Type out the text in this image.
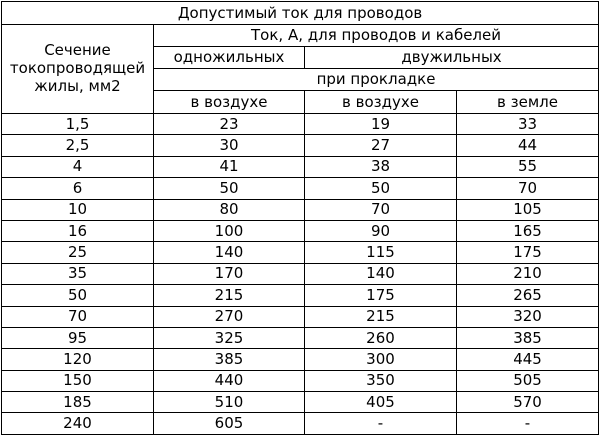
Допустимый ток для проводов			
Сечение
токопроводящей
жилы, мм2	Ток, А, для проводов и кабелей		
	одножильных	двужильных	
	при прокладке		
	в воздухе	в воздухе	в земле
1,5	23	19	33
2,5	30	27	44
4	41	38	55
6	50	50	70
10	80	70	105
16	100	90	165
25	140	115	175
35	170	140	210
50	215	175	265
70	270	215	320
95	325	260	385
120	385	300	445
150	440	350	505
185	510	405	570
240	605	-	-
